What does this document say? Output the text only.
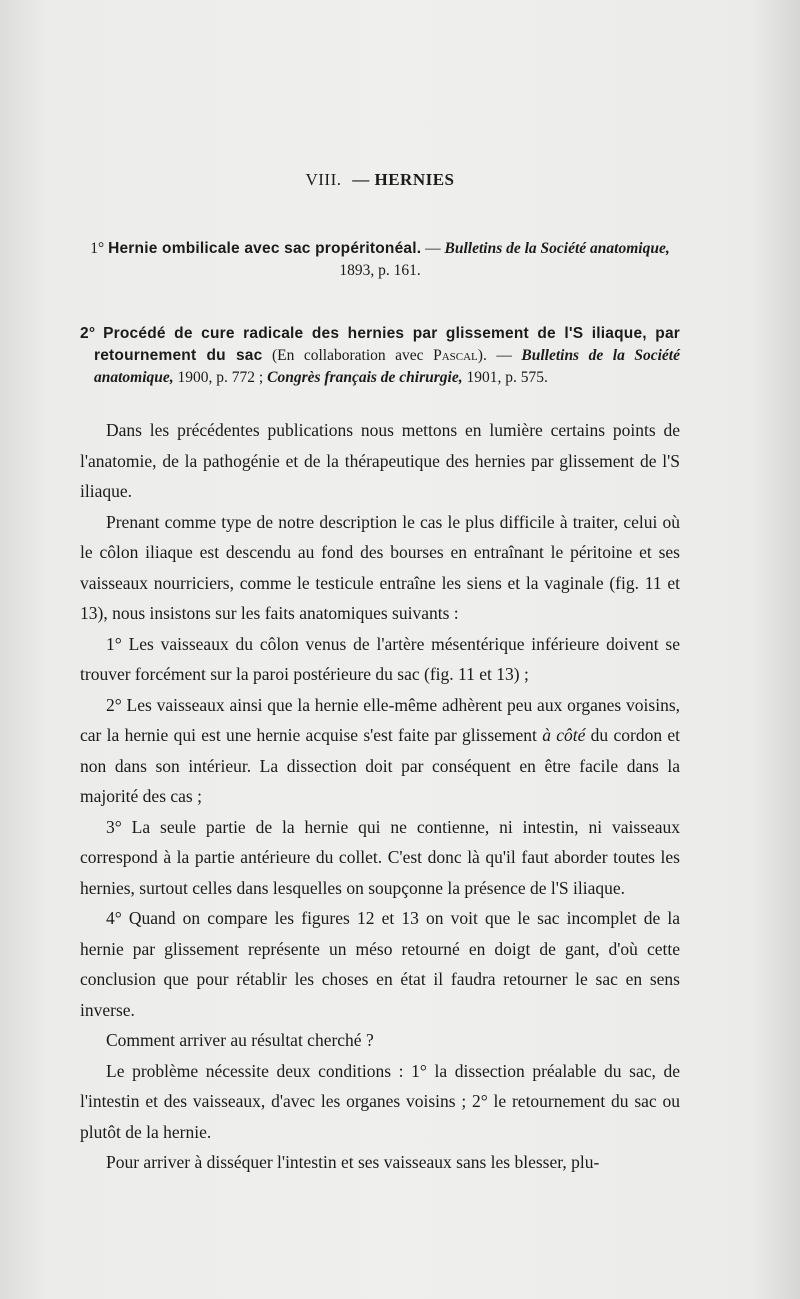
VIII. — HERNIES

1° Hernie ombilicale avec sac propéritonéal. — Bulletins de la Société anatomique, 1893, p. 161.

2° Procédé de cure radicale des hernies par glissement de l'S iliaque, par retournement du sac (En collaboration avec Pascal). — Bulletins de la Société anatomique, 1900, p. 772 ; Congrès français de chirurgie, 1901, p. 575.

Dans les précédentes publications nous mettons en lumière certains points de l'anatomie, de la pathogénie et de la thérapeutique des hernies par glissement de l'S iliaque.

Prenant comme type de notre description le cas le plus difficile à traiter, celui où le côlon iliaque est descendu au fond des bourses en entraînant le péritoine et ses vaisseaux nourriciers, comme le testicule entraîne les siens et la vaginale (fig. 11 et 13), nous insistons sur les faits anatomiques suivants :

1° Les vaisseaux du côlon venus de l'artère mésentérique inférieure doivent se trouver forcément sur la paroi postérieure du sac (fig. 11 et 13) ;

2° Les vaisseaux ainsi que la hernie elle-même adhèrent peu aux organes voisins, car la hernie qui est une hernie acquise s'est faite par glissement à côté du cordon et non dans son intérieur. La dissection doit par conséquent en être facile dans la majorité des cas ;

3° La seule partie de la hernie qui ne contienne, ni intestin, ni vaisseaux correspond à la partie antérieure du collet. C'est donc là qu'il faut aborder toutes les hernies, surtout celles dans lesquelles on soupçonne la présence de l'S iliaque.

4° Quand on compare les figures 12 et 13 on voit que le sac incomplet de la hernie par glissement représente un méso retourné en doigt de gant, d'où cette conclusion que pour rétablir les choses en état il faudra retourner le sac en sens inverse.

Comment arriver au résultat cherché ?

Le problème nécessite deux conditions : 1° la dissection préalable du sac, de l'intestin et des vaisseaux, d'avec les organes voisins ; 2° le retournement du sac ou plutôt de la hernie.

Pour arriver à disséquer l'intestin et ses vaisseaux sans les blesser, plu-
